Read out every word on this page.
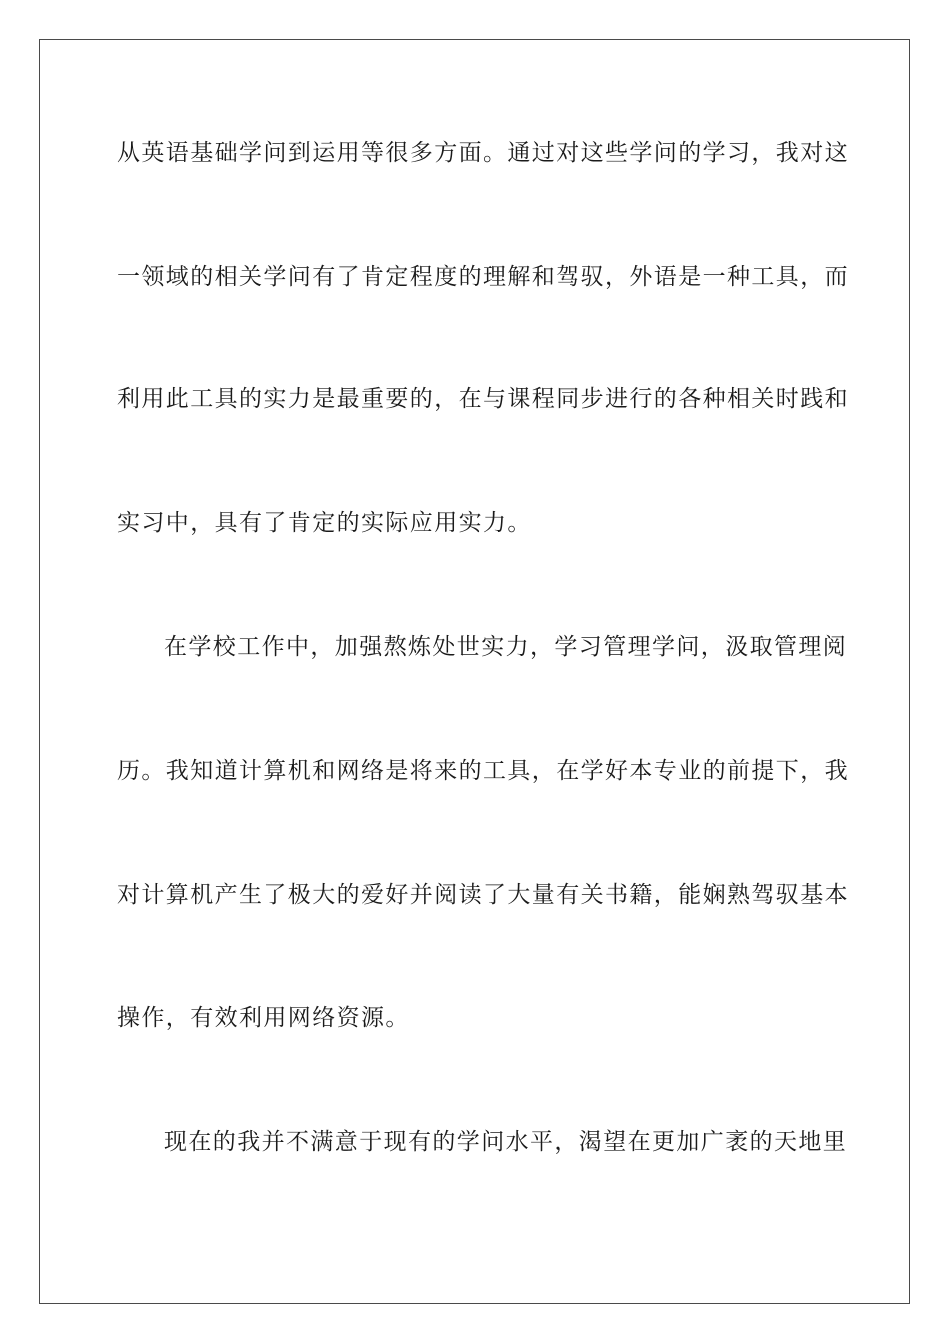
从英语基础学问到运用等很多方面。通过对这些学问的学习，我对这
一领域的相关学问有了肯定程度的理解和驾驭，外语是一种工具，而
利用此工具的实力是最重要的，在与课程同步进行的各种相关时践和
实习中，具有了肯定的实际应用实力。
在学校工作中，加强熬炼处世实力，学习管理学问，汲取管理阅
历。我知道计算机和网络是将来的工具，在学好本专业的前提下，我
对计算机产生了极大的爱好并阅读了大量有关书籍，能娴熟驾驭基本
操作，有效利用网络资源。
现在的我并不满意于现有的学问水平，渴望在更加广袤的天地里
